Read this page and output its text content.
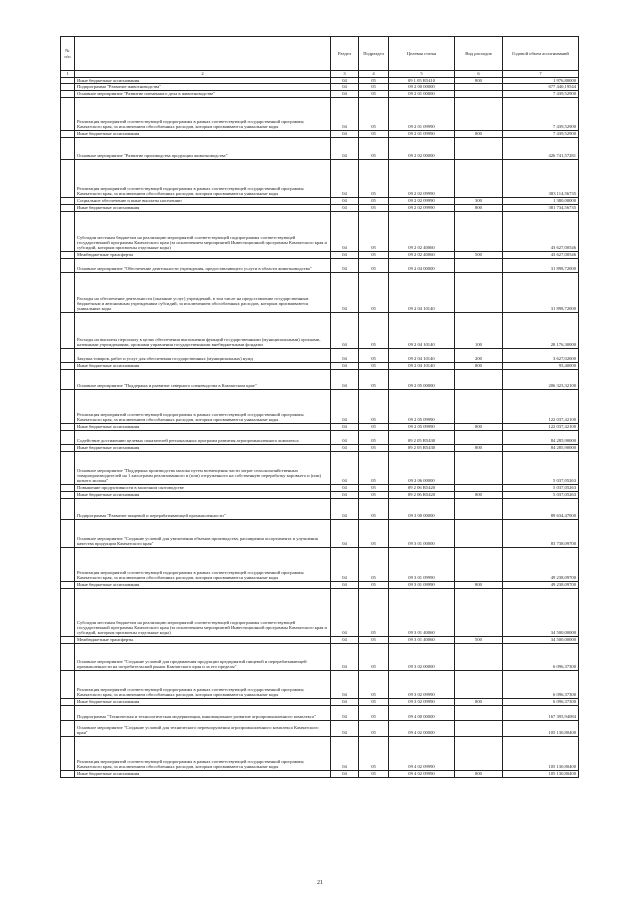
№ п/п		Раздел	Подраздел	Целевая статья	Вид расходов	Годовой объем ассигнований
1	2	3	4	5	6	7
	Иные бюджетные ассигнования	04	05	09 1 05 R5410	800	1 976,80000
	Подпрограмма "Развитие животноводства"	04	05	09 2 00 00000		677 440,19544
	Основное мероприятие "Развитие племенного дела в животноводстве"	04	05	09 2 01 00000		7 439,52900
	Реализация мероприятий соответствующей подпрограммы в рамках соответствующей государственной программы Камчатского края, за исключением обособленных расходов, которым присваиваются уникальные коды	04	05	09 2 01 09990		7 439,52900
	Иные бюджетные ассигнования	04	05	09 2 01 09990	800	7 439,52900
	Основное мероприятие "Развитие производства продукции животноводства"	04	05	09 2 02 00000		426 741,57281
	Реализация мероприятий соответствующей подпрограммы в рамках соответствующей государственной программы Камчатского края, за исключением обособленных расходов, которым присваиваются уникальные коды	04	05	09 2 02 09990		383 114,56735
	Социальное обеспечение и иные выплаты населению	04	05	09 2 02 09990	300	1 380,00000
	Иные бюджетные ассигнования	04	05	09 2 02 09990	800	381 734,56735
	Субсидии местным бюджетам на реализацию мероприятий соответствующей подпрограммы соответствующей государственной программы Камчатского края (за исключением мероприятий Инвестиционной программы Камчатского края и субсидий, которым присвоены отдельные коды)	04	05	09 2 02 40060		43 627,00546
	Межбюджетные трансферты	04	05	09 2 02 40060	500	43 627,00546
	Основное мероприятие "Обеспечение деятельности учреждения, предоставляющего услуги в области животноводства"	04	05	09 2 04 00000		31 898,72000
	Расходы на обеспечение деятельности (оказание услуг) учреждений, в том числе на предоставление государственным бюджетным и автономным учреждениям субсидий, за исключением обособленных расходов, которым присваиваются уникальные коды	04	05	09 2 04 10140		31 898,72000
	Расходы на выплаты персоналу в целях обеспечения выполнения функций государственными (муниципальными) органами, казенными учреждениями, органами управления государственными внебюджетными фондами	04	05	09 2 04 10140	100	28 176,30000
	Закупка товаров, работ и услуг для обеспечения государственных (муниципальных) нужд	04	05	09 2 04 10140	200	3 627,02000
	Иные бюджетные ассигнования	04	05	09 2 04 10140	800	95,40000
	Основное мероприятие "Поддержка и развитие северного оленеводства в Камчатском крае"	04	05	09 2 05 00000		206 323,32100
	Реализация мероприятий соответствующей подпрограммы в рамках соответствующей государственной программы Камчатского края, за исключением обособленных расходов, которым присваиваются уникальные коды	04	05	09 2 05 09990		122 037,42100
	Иные бюджетные ассигнования	04	05	09 2 05 09990	800	122 037,42100
	Содействие достижению целевых показателей региональных программ развития агропромышленного комплекса	04	05	09 2 05 R5430		84 285,90000
	Иные бюджетные ассигнования	04	05	09 2 05 R5430	800	84 285,90000
	Основное мероприятие "Поддержка производства молока путем возмещения части затрат сельскохозяйственных товаропроизводителей на 1 килограмм реализованного и (или) отгруженного на собственную переработку коровьего и (или) козьего молока"	04	05	09 2 06 00000		5 037,05263
	Повышение продуктивности в молочном скотоводстве	04	05	09 2 06 R5420		5 037,05263
	Иные бюджетные ассигнования	04	05	09 2 06 R5420	800	5 037,05263
	Подпрограмма "Развитие пищевой и перерабатывающей промышленности"	04	05	09 3 00 00000		89 634,47000
	Основное мероприятие "Создание условий для увеличения объемов производства, расширения ассортимента и улучшения качества продукции Камчатского края"	04	05	09 3 01 00000		83 738,09700
	Реализация мероприятий соответствующей подпрограммы в рамках соответствующей государственной программы Камчатского края, за исключением обособленных расходов, которым присваиваются уникальные коды	04	05	09 3 01 09990		49 238,09700
	Иные бюджетные ассигнования	04	05	09 3 01 09990	800	49 238,09700
	Субсидии местным бюджетам на реализацию мероприятий соответствующей подпрограммы соответствующей государственной программы Камчатского края (за исключением мероприятий Инвестиционной программы Камчатского края и субсидий, которым присвоены отдельные коды)	04	05	09 3 01 40060		34 500,00000
	Межбюджетные трансферты	04	05	09 3 01 40060	500	34 500,00000
	Основное мероприятие "Создание условий для продвижения продукции предприятий пищевой и перерабатывающей промышленности на потребительский рынок Камчатского края и за его пределы"	04	05	09 3 02 00000		6 096,37300
	Реализация мероприятий соответствующей подпрограммы в рамках соответствующей государственной программы Камчатского края, за исключением обособленных расходов, которым присваиваются уникальные коды	04	05	09 3 02 09990		6 096,37300
	Иные бюджетные ассигнования	04	05	09 3 02 09990	800	6 096,37300
	Подпрограмма "Техническая и технологическая модернизация, инновационное развитие агропромышленного комплекса"	04	05	09 4 00 00000		167 395,94084
	Основное мероприятие "Создание условий для технического перевооружения агропромышленного комплекса Камчатского края"	04	05	09 4 02 00000		105 130,80400
	Реализация мероприятий соответствующей подпрограммы в рамках соответствующей государственной программы Камчатского края, за исключением обособленных расходов, которым присваиваются уникальные коды	04	05	09 4 02 09990		105 130,80400
	Иные бюджетные ассигнования	04	05	09 4 02 09990	800	105 130,80400
21
